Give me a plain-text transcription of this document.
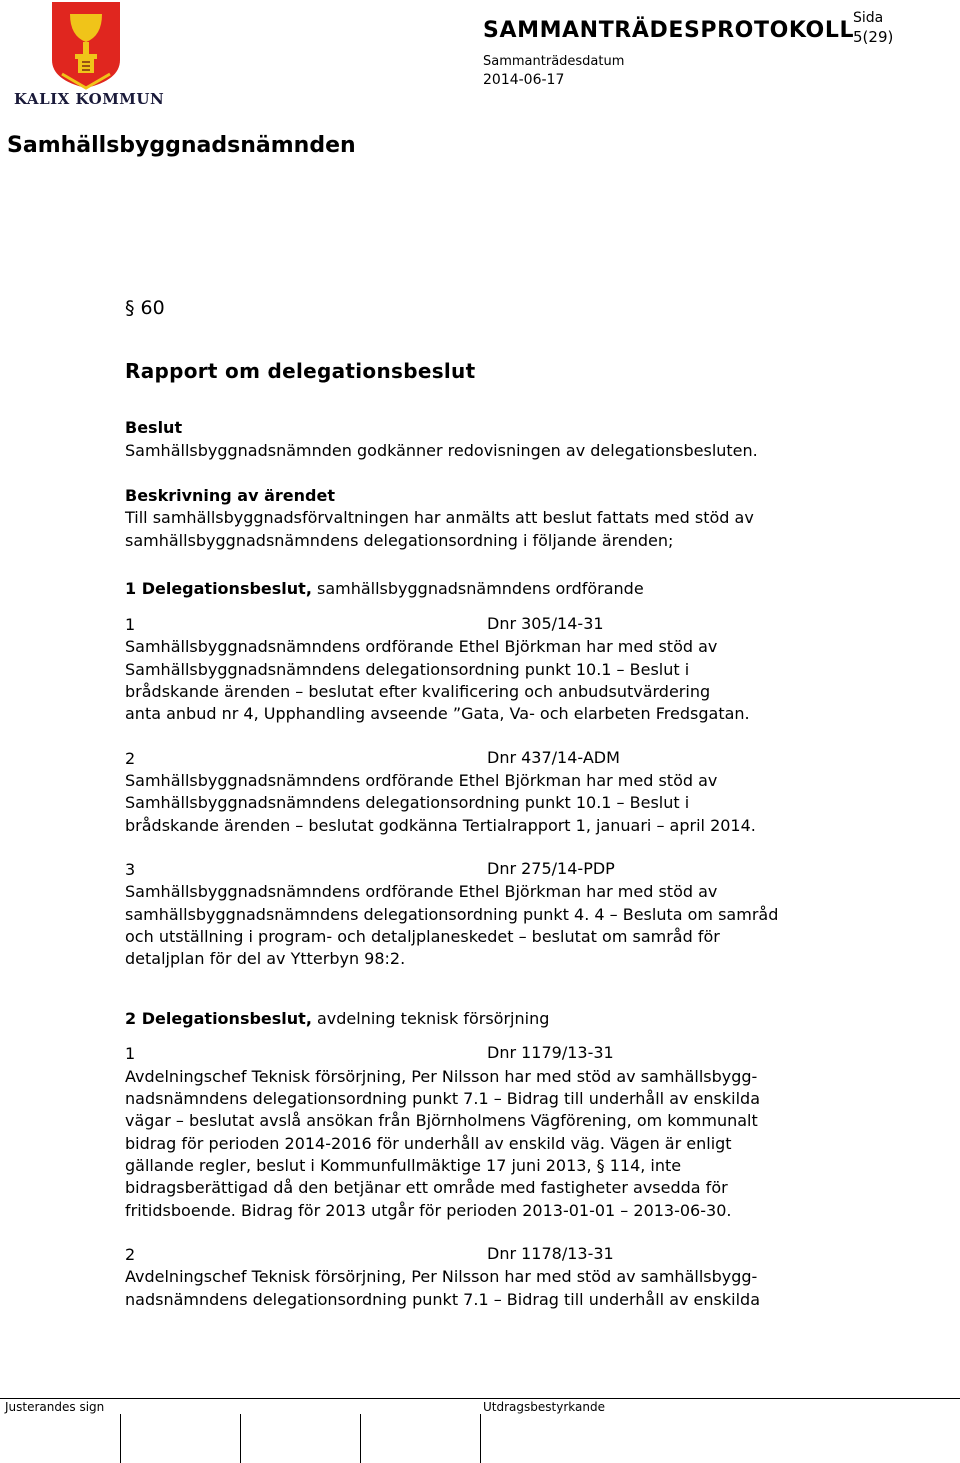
KALIX KOMMUN
SAMMANTRÄDESPROTOKOLL
Sida
5(29)
Sammanträdesdatum
2014-06-17
Samhällsbyggnadsnämnden
§ 60
Rapport om delegationsbeslut
Beslut
Samhällsbyggnadsnämnden godkänner redovisningen av delegationsbesluten.
Beskrivning av ärendet
Till samhällsbyggnadsförvaltningen har anmälts att beslut fattats med stöd av
samhällsbyggnadsnämndens delegationsordning i följande ärenden;
1 Delegationsbeslut, samhällsbyggnadsnämndens ordförande
1	Dnr 305/14-31
Samhällsbyggnadsnämndens ordförande Ethel Björkman har med stöd av
Samhällsbyggnadsnämndens delegationsordning punkt 10.1 – Beslut i
brådskande ärenden – beslutat efter kvalificering och anbudsutvärdering
anta anbud nr 4, Upphandling avseende ”Gata, Va- och elarbeten Fredsgatan.
2	Dnr 437/14-ADM
Samhällsbyggnadsnämndens ordförande Ethel Björkman har med stöd av
Samhällsbyggnadsnämndens delegationsordning punkt 10.1 – Beslut i
brådskande ärenden – beslutat godkänna Tertialrapport 1, januari – april 2014.
3	Dnr 275/14-PDP
Samhällsbyggnadsnämndens ordförande Ethel Björkman har med stöd av
samhällsbyggnadsnämndens delegationsordning punkt 4. 4 – Besluta om samråd
och utställning i program- och detaljplaneskedet – beslutat om samråd för
detaljplan för del av Ytterbyn 98:2.
2 Delegationsbeslut, avdelning teknisk försörjning
1	Dnr 1179/13-31
Avdelningschef Teknisk försörjning, Per Nilsson har med stöd av samhällsbygg-
nadsnämndens delegationsordning punkt 7.1 – Bidrag till underhåll av enskilda
vägar – beslutat avslå ansökan från Björnholmens Vägförening, om kommunalt
bidrag för perioden 2014-2016 för underhåll av enskild väg. Vägen är enligt
gällande regler, beslut i Kommunfullmäktige 17 juni 2013, § 114, inte
bidragsberättigad då den betjänar ett område med fastigheter avsedda för
fritidsboende. Bidrag för 2013 utgår för perioden 2013-01-01 – 2013-06-30.
2	Dnr 1178/13-31
Avdelningschef Teknisk försörjning, Per Nilsson har med stöd av samhällsbygg-
nadsnämndens delegationsordning punkt 7.1 – Bidrag till underhåll av enskilda
Justerandes sign	Utdragsbestyrkande
